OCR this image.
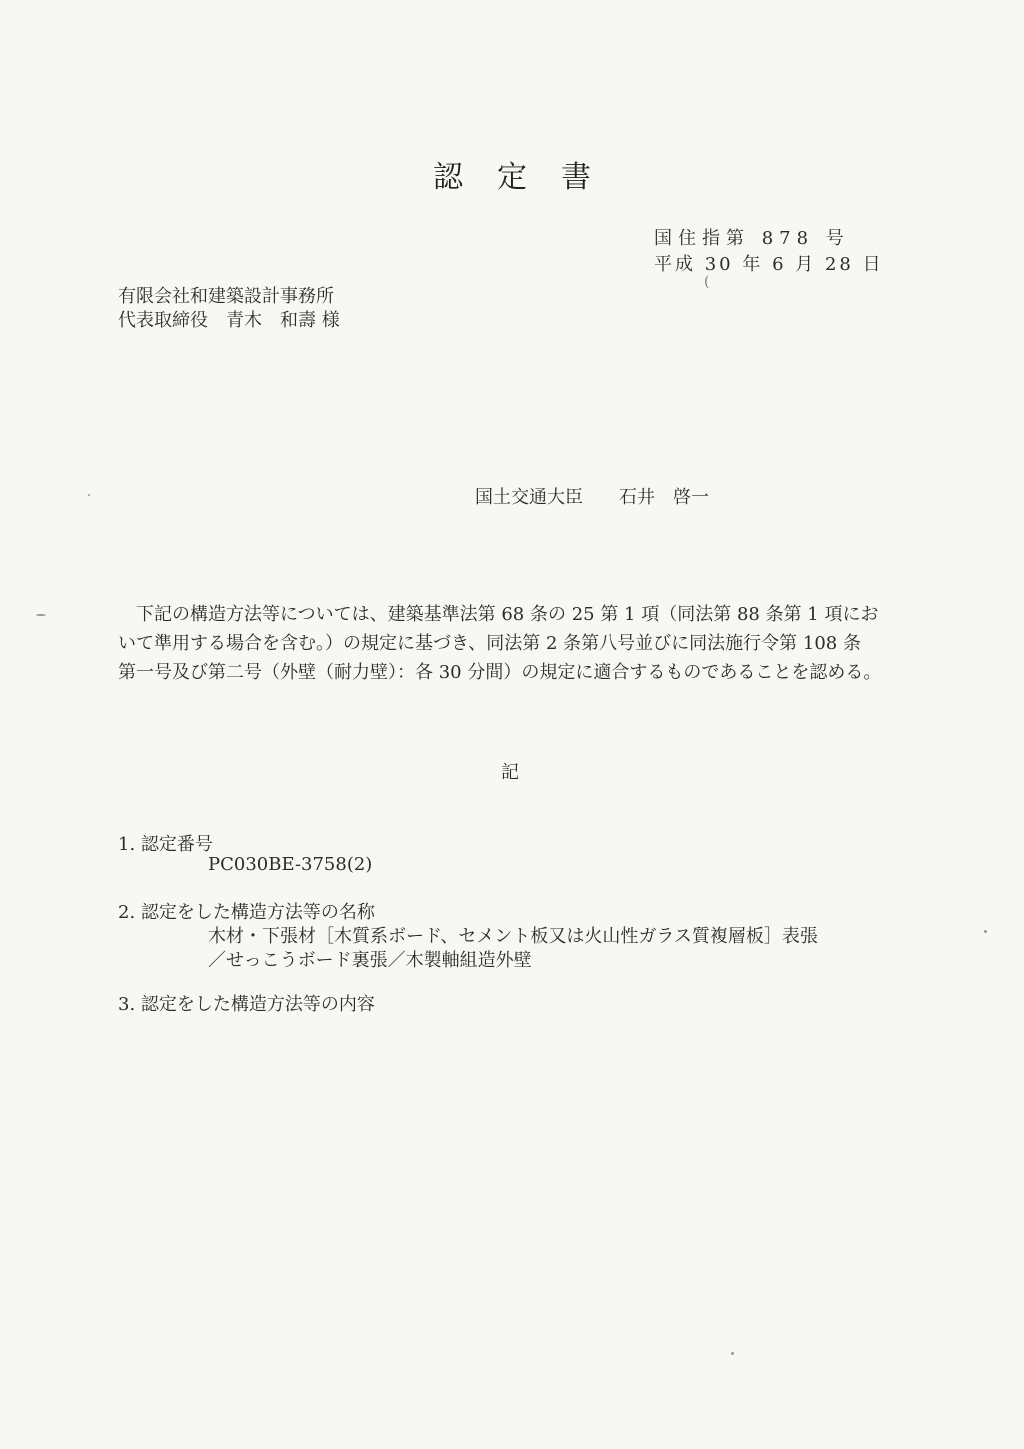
認定書
国住指第 878 号
平成 30 年 6 月 28 日
(
有限会社和建築設計事務所
代表取締役　青木　和壽 様
国土交通大臣　　石井　啓一
　下記の構造方法等については、建築基準法第 68 条の 25 第 1 項（同法第 88 条第 1 項にお
いて準用する場合を含む。）の規定に基づき、同法第 2 条第八号並びに同法施行令第 108 条
第一号及び第二号（外壁（耐力壁）：各 30 分間）の規定に適合するものであることを認める。
記
1. 認定番号
PC030BE-3758(2)
2. 認定をした構造方法等の名称
木材・下張材［木質系ボード、セメント板又は火山性ガラス質複層板］表張
／せっこうボード裏張／木製軸組造外壁
3. 認定をした構造方法等の内容
